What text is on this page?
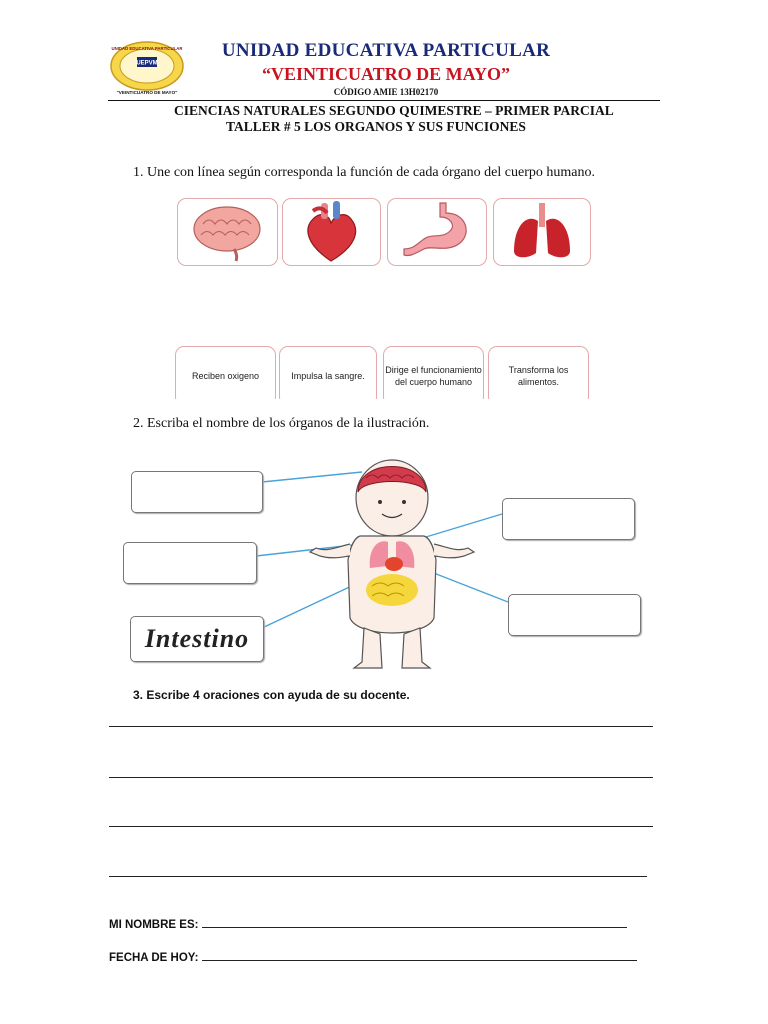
UNIDAD EDUCATIVA PARTICULAR
UEPVM
"VEINTICUATRO DE MAYO"
UNIDAD EDUCATIVA PARTICULAR
“VEINTICUATRO DE MAYO”
CÓDIGO AMIE 13H02170
CIENCIAS NATURALES SEGUNDO QUIMESTRE – PRIMER PARCIAL
TALLER # 5 LOS ORGANOS Y SUS FUNCIONES
1. Une con línea según corresponda la función de cada órgano del cuerpo humano.
Reciben oxigeno	Impulsa la sangre.
Dirige el funcionamiento del cuerpo humano
Transforma los alimentos.
2. Escriba el nombre de los órganos de la ilustración.
Intestino
3. Escribe 4 oraciones con ayuda de su docente.
MI NOMBRE ES:
FECHA DE HOY:
